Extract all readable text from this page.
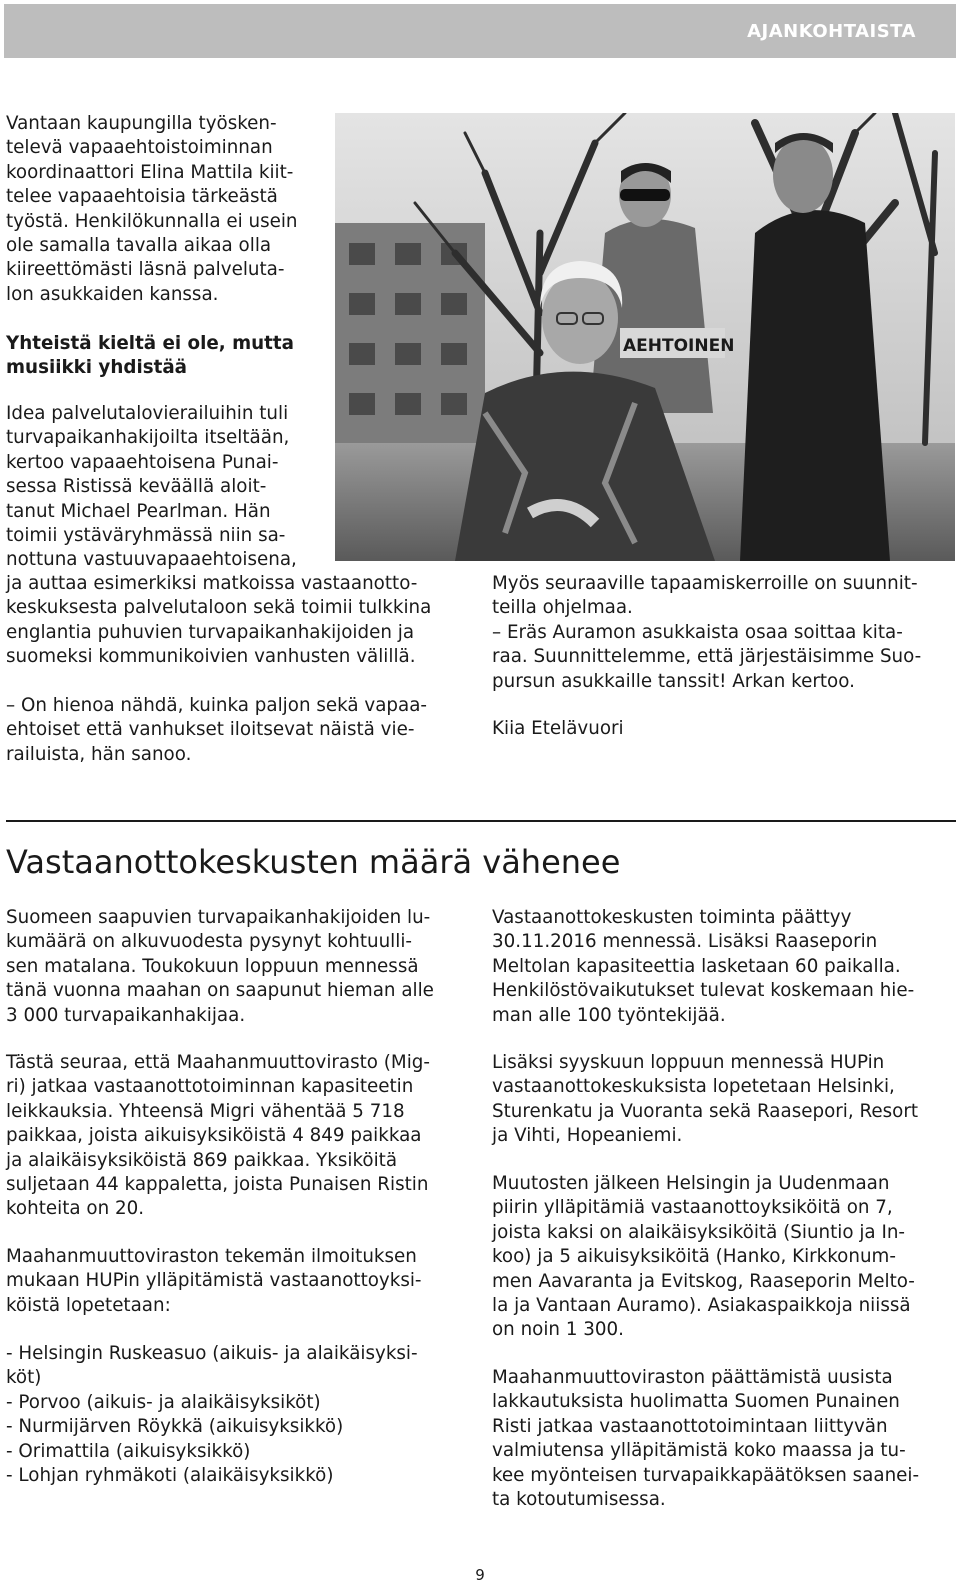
AJANKOHTAISTA

Vantaan kaupungilla työsken-
televä vapaaehtoistoiminnan
koordinaattori Elina Mattila kiit-
telee vapaaehtoisia tärkeästä
työstä. Henkilökunnalla ei usein
ole samalla tavalla aikaa olla
kiireettömästi läsnä palveluta-
lon asukkaiden kanssa.

Yhteistä kieltä ei ole, mutta
musiikki yhdistää

Idea palvelutalovierailuihin tuli
turvapaikanhakijoilta itseltään,
kertoo vapaaehtoisena Punai-
sessa Ristissä keväällä aloit-
tanut Michael Pearlman. Hän
toimii ystäväryhmässä niin sa-
nottuna vastuuvapaaehtoisena,

ja auttaa esimerkiksi matkoissa vastaanotto-
keskuksesta palvelutaloon sekä toimii tulkkina
englantia puhuvien turvapaikanhakijoiden ja
suomeksi kommunikoivien vanhusten välillä.

– On hienoa nähdä, kuinka paljon sekä vapaa-
ehtoiset että vanhukset iloitsevat näistä vie-
railuista, hän sanoo.

AEHTOINEN

Myös seuraaville tapaamiskerroille on suunnit-
teilla ohjelmaa.
– Eräs Auramon asukkaista osaa soittaa kita-
raa. Suunnittelemme, että järjestäisimme Suo-
pursun asukkaille tanssit! Arkan kertoo.

Kiia Etelävuori

Vastaanottokeskusten määrä vähenee

Suomeen saapuvien turvapaikanhakijoiden lu-
kumäärä on alkuvuodesta pysynyt kohtuulli-
sen matalana. Toukokuun loppuun mennessä
tänä vuonna maahan on saapunut hieman alle
3 000 turvapaikanhakijaa.

Tästä seuraa, että Maahanmuuttovirasto (Mig-
ri) jatkaa vastaanottotoiminnan kapasiteetin
leikkauksia. Yhteensä Migri vähentää 5 718
paikkaa, joista aikuisyksiköistä 4 849 paikkaa
ja alaikäisyksiköistä 869 paikkaa. Yksiköitä
suljetaan 44 kappaletta, joista Punaisen Ristin
kohteita on 20.

Maahanmuuttoviraston tekemän ilmoituksen
mukaan HUPin ylläpitämistä vastaanottoyksi-
köistä lopetetaan:

- Helsingin Ruskeasuo (aikuis- ja alaikäisyksi-
köt)
- Porvoo (aikuis- ja alaikäisyksiköt)
- Nurmijärven Röykkä (aikuisyksikkö)
- Orimattila (aikuisyksikkö)
- Lohjan ryhmäkoti (alaikäisyksikkö)

Vastaanottokeskusten toiminta päättyy
30.11.2016 mennessä. Lisäksi Raaseporin
Meltolan kapasiteettia lasketaan 60 paikalla.
Henkilöstövaikutukset tulevat koskemaan hie-
man alle 100 työntekijää.

Lisäksi syyskuun loppuun mennessä HUPin
vastaanottokeskuksista lopetetaan Helsinki,
Sturenkatu ja Vuoranta sekä Raasepori, Resort
ja Vihti, Hopeaniemi.

Muutosten jälkeen Helsingin ja Uudenmaan
piirin ylläpitämiä vastaanottoyksiköitä on 7,
joista kaksi on alaikäisyksiköitä (Siuntio ja In-
koo) ja 5 aikuisyksiköitä (Hanko, Kirkkonum-
men Aavaranta ja Evitskog, Raaseporin Melto-
la ja Vantaan Auramo). Asiakaspaikkoja niissä
on noin 1 300.

Maahanmuuttoviraston päättämistä uusista
lakkautuksista huolimatta Suomen Punainen
Risti jatkaa vastaanottotoimintaan liittyvän
valmiutensa ylläpitämistä koko maassa ja tu-
kee myönteisen turvapaikkapäätöksen saanei-
ta kotoutumisessa.

9
